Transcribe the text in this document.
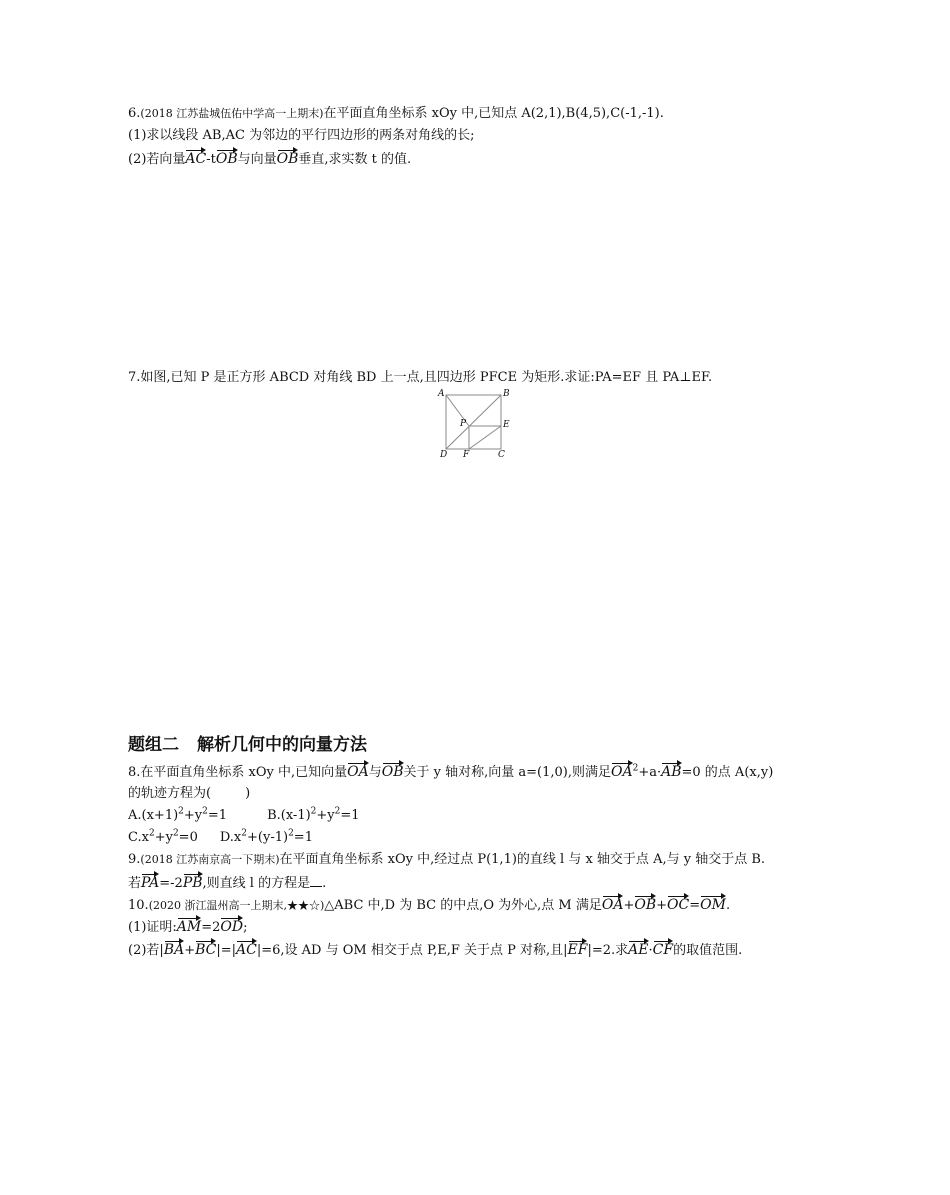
6.(2018 江苏盐城伍佑中学高一上期末)在平面直角坐标系 xOy 中,已知点 A(2,1),B(4,5),C(-1,-1).
(1)求以线段 AB,AC 为邻边的平行四边形的两条对角线的长;
(2)若向量AC-tOB与向量OB垂直,求实数 t 的值.
7.如图,已知 P 是正方形 ABCD 对角线 BD 上一点,且四边形 PFCE 为矩形.求证:PA=EF 且 PA⊥EF.
A	B
C
D
E
F
P
题组二 解析几何中的向量方法
8.在平面直角坐标系 xOy 中,已知向量OA与OB关于 y 轴对称,向量 a=(1,0),则满足$OA^2+a\cdot AB=0$ 的点 A(x,y)
的轨迹方程为(	)
$A.(x+1)^2+y^2=1$	$B.(x-1)^2+y^2=1$
$C.x^2+y^2=0$ $D.x^2+(y-1)^2=1$
9.(2018 江苏南京高一下期末)在平面直角坐标系 xOy 中,经过点 P(1,1)的直线 l 与 x 轴交于点 A,与 y 轴交于点 B.
若PA=-2PB,则直线 l 的方程是 .
10.(2020 浙江温州高一上期末,★★☆)△ABC 中,D 为 BC 的中点,O 为外心,点 M 满足OA+OB+OC=OM.
(1)证明:AM=2OD;
(2)若|BA+BC|=|AC|=6,设 AD 与 OM 相交于点 P,E,F 关于点 P 对称,且|EF|=2.求AE·CF的取值范围.
